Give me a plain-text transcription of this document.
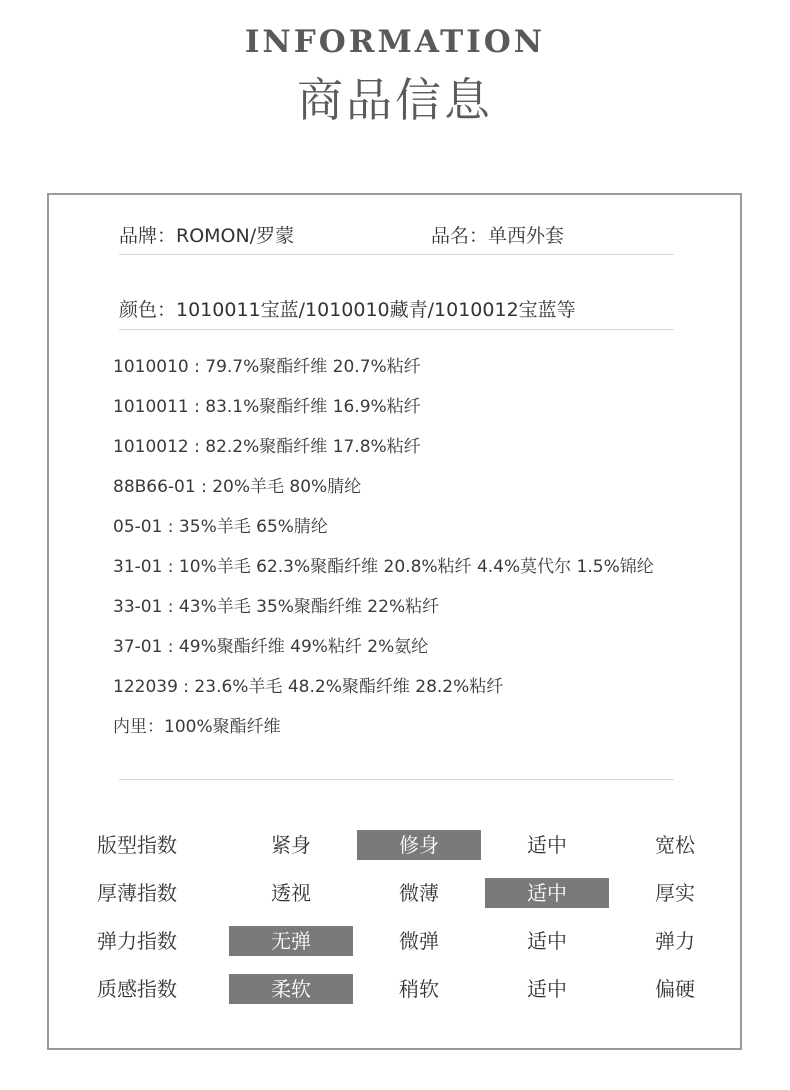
INFORMATION
商品信息
品牌：ROMON/罗蒙	品名：单西外套
颜色：1010011宝蓝/1010010藏青/1010012宝蓝等
1010010 : 79.7%聚酯纤维 20.7%粘纤
1010011 : 83.1%聚酯纤维 16.9%粘纤
1010012 : 82.2%聚酯纤维 17.8%粘纤
88B66-01 : 20%羊毛 80%腈纶
05-01 : 35%羊毛 65%腈纶
31-01 : 10%羊毛 62.3%聚酯纤维 20.8%粘纤 4.4%莫代尔 1.5%锦纶
33-01 : 43%羊毛 35%聚酯纤维 22%粘纤
37-01 : 49%聚酯纤维 49%粘纤 2%氨纶
122039 : 23.6%羊毛 48.2%聚酯纤维 28.2%粘纤
内里：100%聚酯纤维
版型指数	紧身	修身	适中	宽松
厚薄指数	透视	微薄	适中	厚实
弹力指数	无弹	微弹	适中	弹力
质感指数	柔软	稍软	适中	偏硬
